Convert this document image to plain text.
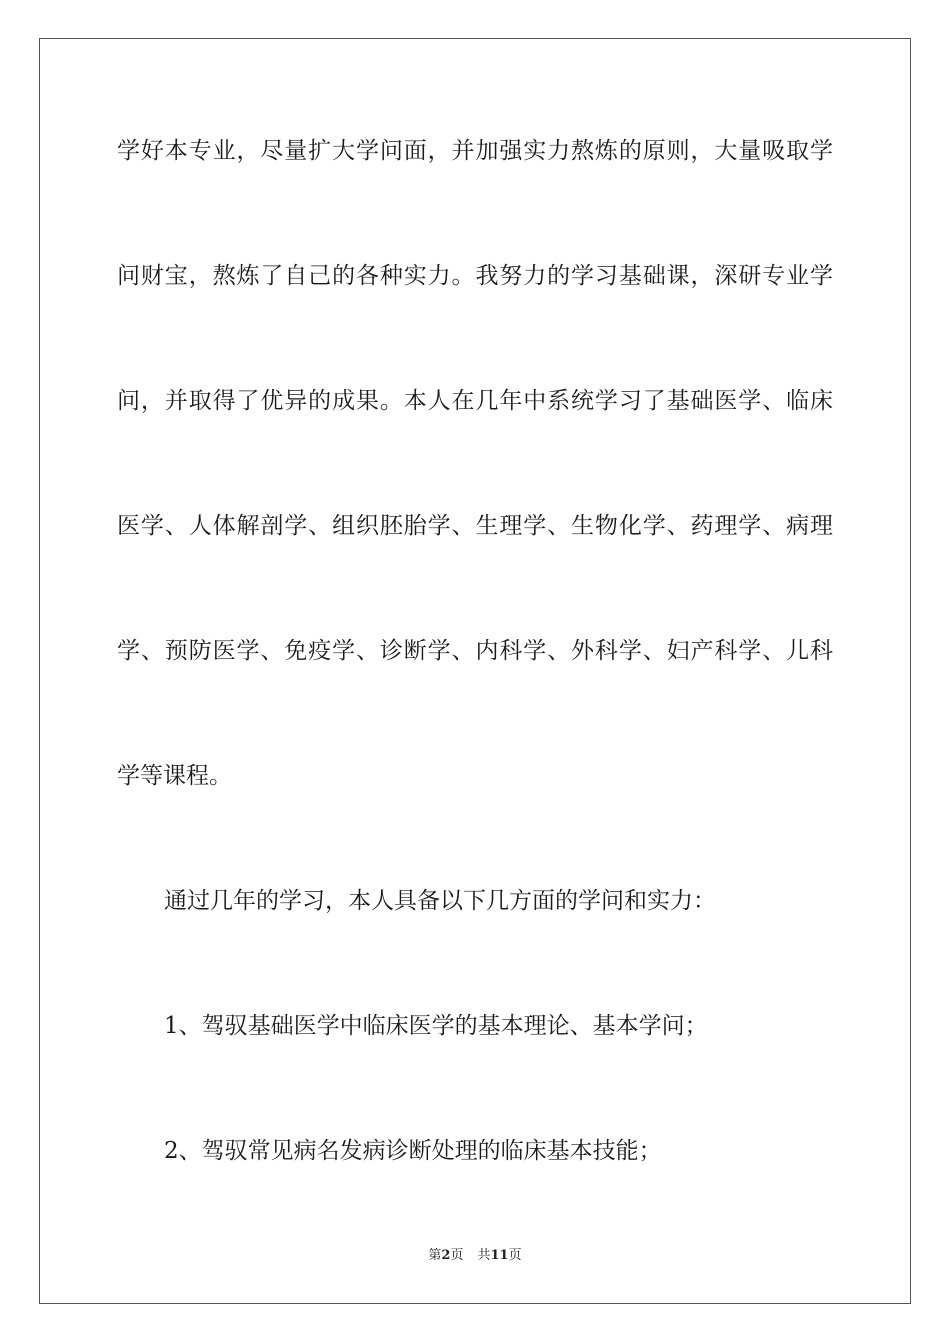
学好本专业，尽量扩大学问面，并加强实力熬炼的原则，大量吸取学
问财宝，熬炼了自己的各种实力。我努力的学习基础课，深研专业学
问，并取得了优异的成果。本人在几年中系统学习了基础医学、临床
医学、人体解剖学、组织胚胎学、生理学、生物化学、药理学、病理
学、预防医学、免疫学、诊断学、内科学、外科学、妇产科学、儿科
学等课程。
通过几年的学习，本人具备以下几方面的学问和实力：
1、驾驭基础医学中临床医学的基本理论、基本学问；
2、驾驭常见病名发病诊断处理的临床基本技能；
第2页 共11页
